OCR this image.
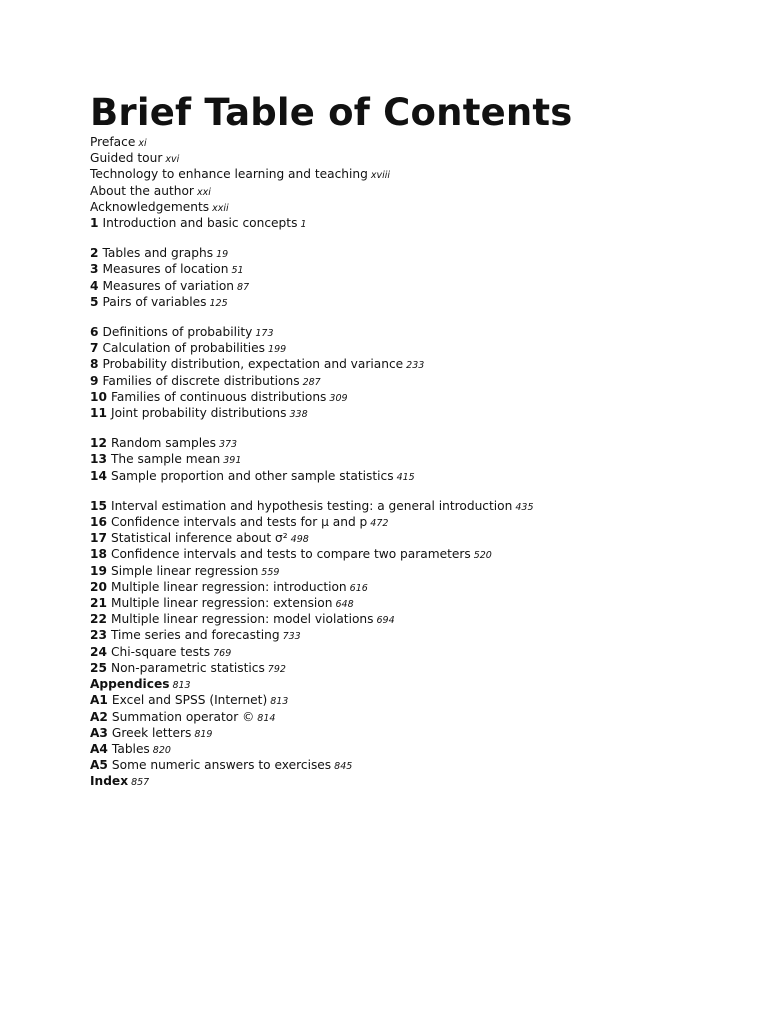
Brief Table of Contents
Preface xi
Guided tour xvi
Technology to enhance learning and teaching xviii
About the author xxi
Acknowledgements xxii
1 Introduction and basic concepts 1
2 Tables and graphs 19
3 Measures of location 51
4 Measures of variation 87
5 Pairs of variables 125
6 Definitions of probability 173
7 Calculation of probabilities 199
8 Probability distribution, expectation and variance 233
9 Families of discrete distributions 287
10 Families of continuous distributions 309
11 Joint probability distributions 338
12 Random samples 373
13 The sample mean 391
14 Sample proportion and other sample statistics 415
15 Interval estimation and hypothesis testing: a general introduction 435
16 Confidence intervals and tests for μ and p 472
17 Statistical inference about σ² 498
18 Confidence intervals and tests to compare two parameters 520
19 Simple linear regression 559
20 Multiple linear regression: introduction 616
21 Multiple linear regression: extension 648
22 Multiple linear regression: model violations 694
23 Time series and forecasting 733
24 Chi-square tests 769
25 Non-parametric statistics 792
Appendices 813
A1 Excel and SPSS (Internet) 813
A2 Summation operator © 814
A3 Greek letters 819
A4 Tables 820
A5 Some numeric answers to exercises 845
Index 857
